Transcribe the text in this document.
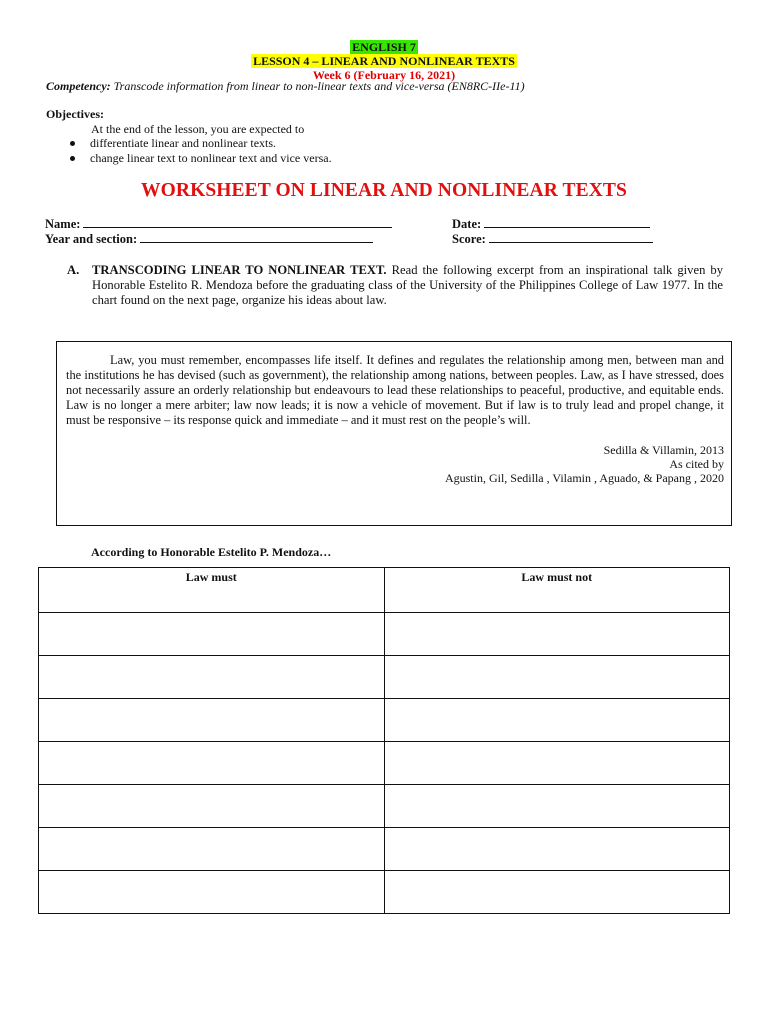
ENGLISH 7
LESSON 4 – LINEAR AND NONLINEAR TEXTS
Week 6 (February 16, 2021)
Competency: Transcode information from linear to non-linear texts and vice-versa (EN8RC-IIe-11)
Objectives:
At the end of the lesson, you are expected to
differentiate linear and nonlinear texts.
change linear text to nonlinear text and vice versa.
WORKSHEET ON LINEAR AND NONLINEAR TEXTS
Name:	Date:
Year and section:	Score:
A. TRANSCODING LINEAR TO NONLINEAR TEXT. Read the following excerpt from an inspirational talk given by Honorable Estelito R. Mendoza before the graduating class of the University of the Philippines College of Law 1977. In the chart found on the next page, organize his ideas about law.
Law, you must remember, encompasses life itself. It defines and regulates the relationship among men, between man and the institutions he has devised (such as government), the relationship among nations, between peoples. Law, as I have stressed, does not necessarily assure an orderly relationship but endeavours to lead these relationships to peaceful, productive, and equitable ends. Law is no longer a mere arbiter; law now leads; it is now a vehicle of movement. But if law is to truly lead and propel change, it must be responsive – its response quick and immediate – and it must rest on the people’s will.
Sedilla & Villamin, 2013
As cited by
Agustin, Gil, Sedilla , Vilamin , Aguado, & Papang , 2020
According to Honorable Estelito P. Mendoza…
Law must	Law must not
